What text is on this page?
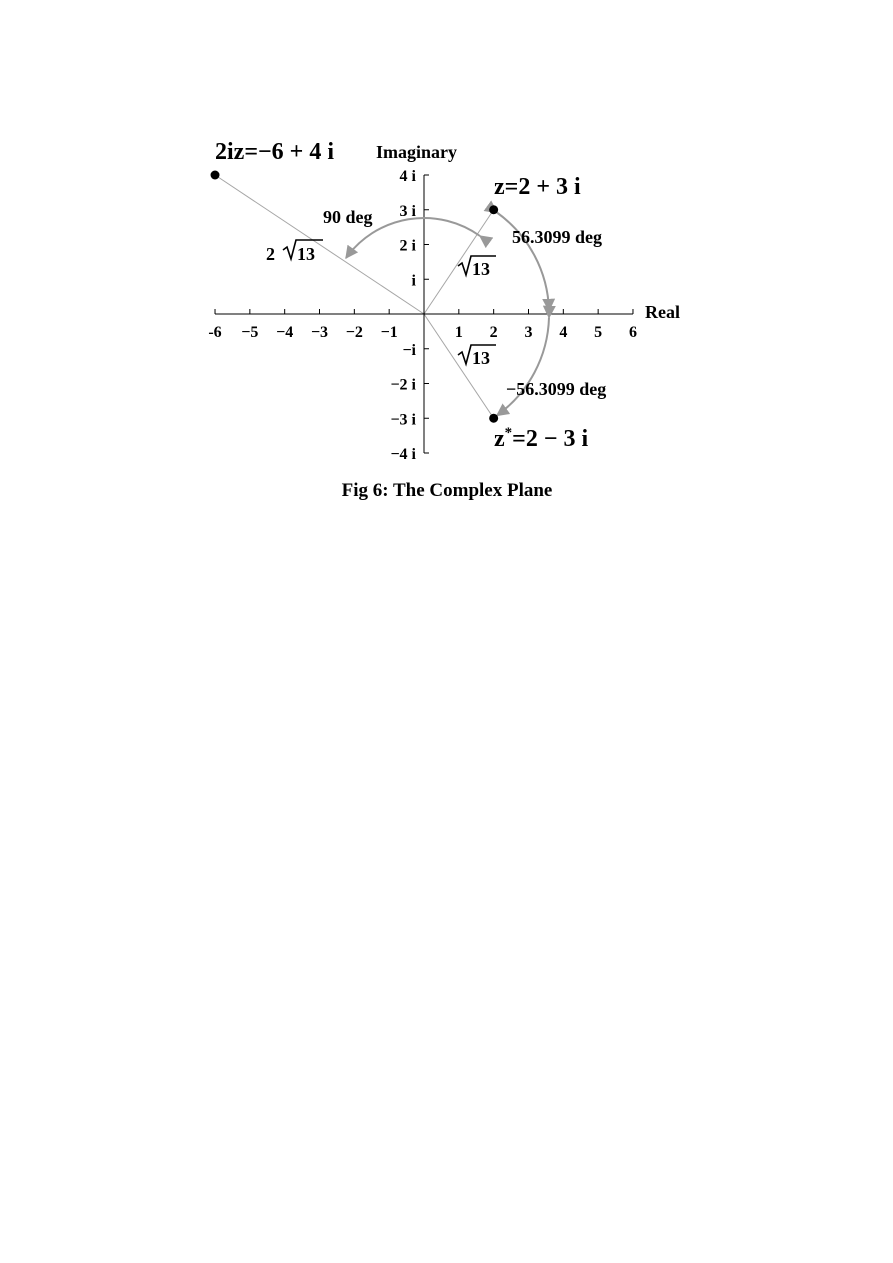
-6 −5 −4 −3 −2 −1	1 2 3 4 5 6
4 i
3 i
2 i
i
−i
−2 i
−3 i
−4 i
Real
Imaginary
z=2 + 3 i
z*=2 − 3 i
2iz=−6 + 4 i
13
13
2 13
56.3099 deg
−56.3099 deg
90 deg
Fig 6: The Complex Plane
